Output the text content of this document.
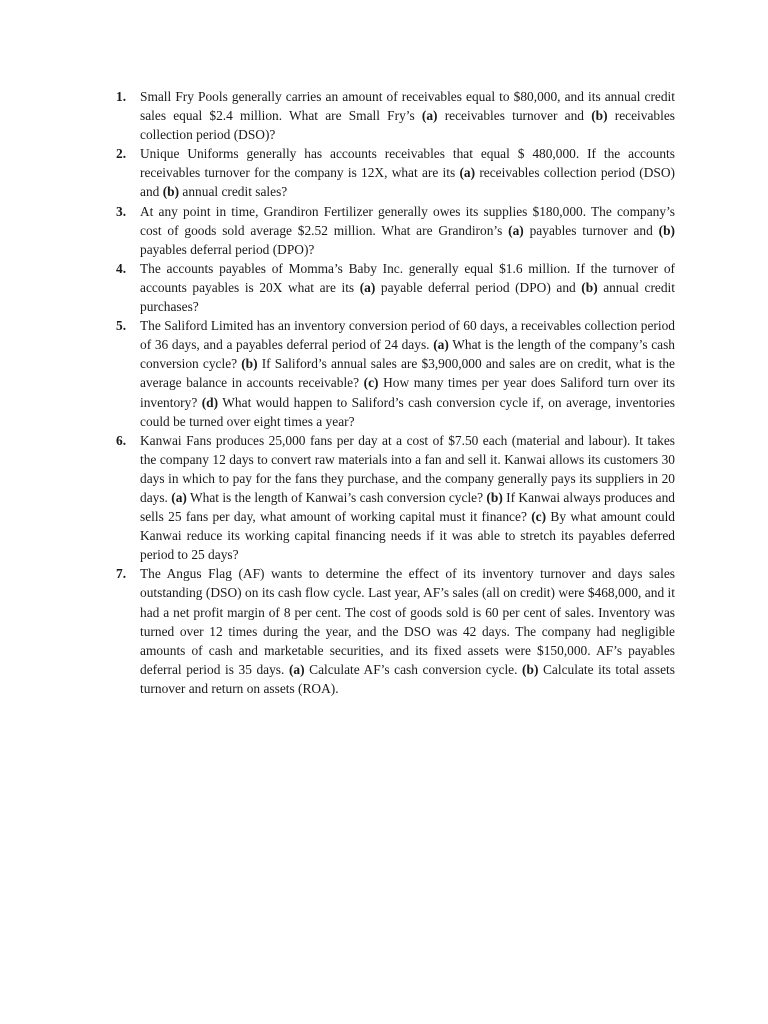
1. Small Fry Pools generally carries an amount of receivables equal to $80,000, and its annual credit sales equal $2.4 million. What are Small Fry’s (a) receivables turnover and (b) receivables collection period (DSO)?
2. Unique Uniforms generally has accounts receivables that equal $ 480,000. If the accounts receivables turnover for the company is 12X, what are its (a) receivables collection period (DSO) and (b) annual credit sales?
3. At any point in time, Grandiron Fertilizer generally owes its supplies $180,000. The company’s cost of goods sold average $2.52 million. What are Grandiron’s (a) payables turnover and (b) payables deferral period (DPO)?
4. The accounts payables of Momma’s Baby Inc. generally equal $1.6 million. If the turnover of accounts payables is 20X what are its (a) payable deferral period (DPO) and (b) annual credit purchases?
5. The Saliford Limited has an inventory conversion period of 60 days, a receivables collection period of 36 days, and a payables deferral period of 24 days. (a) What is the length of the company’s cash conversion cycle? (b) If Saliford’s annual sales are $3,900,000 and sales are on credit, what is the average balance in accounts receivable? (c) How many times per year does Saliford turn over its inventory? (d) What would happen to Saliford’s cash conversion cycle if, on average, inventories could be turned over eight times a year?
6. Kanwai Fans produces 25,000 fans per day at a cost of $7.50 each (material and labour). It takes the company 12 days to convert raw materials into a fan and sell it. Kanwai allows its customers 30 days in which to pay for the fans they purchase, and the company generally pays its suppliers in 20 days. (a) What is the length of Kanwai’s cash conversion cycle? (b) If Kanwai always produces and sells 25 fans per day, what amount of working capital must it finance? (c) By what amount could Kanwai reduce its working capital financing needs if it was able to stretch its payables deferred period to 25 days?
7. The Angus Flag (AF) wants to determine the effect of its inventory turnover and days sales outstanding (DSO) on its cash flow cycle. Last year, AF’s sales (all on credit) were $468,000, and it had a net profit margin of 8 per cent. The cost of goods sold is 60 per cent of sales. Inventory was turned over 12 times during the year, and the DSO was 42 days. The company had negligible amounts of cash and marketable securities, and its fixed assets were $150,000. AF’s payables deferral period is 35 days. (a) Calculate AF’s cash conversion cycle. (b) Calculate its total assets turnover and return on assets (ROA).
